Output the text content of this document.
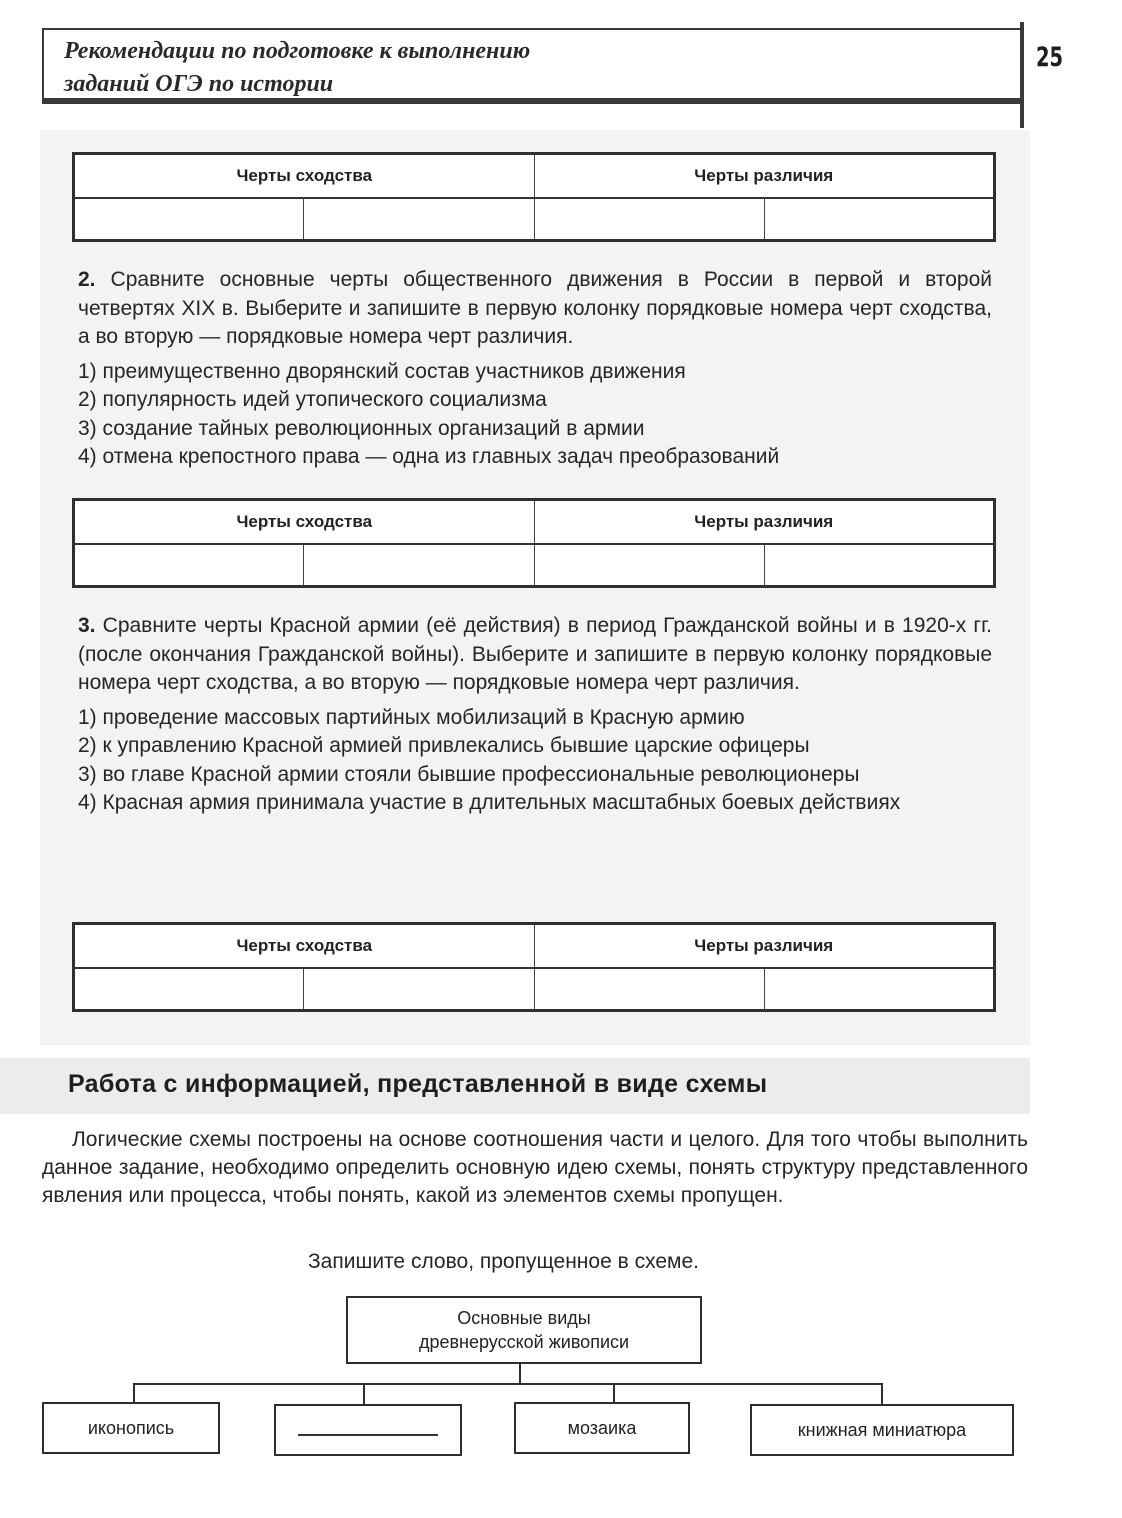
Рекомендации по подготовке к выполнению
заданий ОГЭ по истории
25
Черты сходства		Черты различия	

2. Сравните основные черты общественного движения в России в первой и второй четвертях XIX в. Выберите и запишите в первую колонку порядковые номера черт сходства, а во вторую — порядковые номера черт различия.

1) преимущественно дворянский состав участников движения
2) популярность идей утопического социализма
3) создание тайных революционных организаций в армии
4) отмена крепостного права — одна из главных задач преобразований
Черты сходства		Черты различия	

3. Сравните черты Красной армии (её действия) в период Гражданской войны и в 1920-х гг. (после окончания Гражданской войны). Выберите и запишите в первую колонку порядковые номера черт сходства, а во вторую — порядковые номера черт различия.

1) проведение массовых партийных мобилизаций в Красную армию
2) к управлению Красной армией привлекались бывшие царские офицеры
3) во главе Красной армии стояли бывшие профессиональные революционеры
4) Красная армия принимала участие в длительных масштабных боевых действиях
Черты сходства		Черты различия	

Работа с информацией, представленной в виде схемы
Логические схемы построены на основе соотношения части и целого. Для того чтобы выполнить данное задание, необходимо определить основную идею схемы, понять структуру представленного явления или процесса, чтобы понять, какой из элементов схемы пропущен.
Запишите слово, пропущенное в схеме.
Основные виды
древнерусской живописи
иконопись	мозаика	книжная миниатюра
